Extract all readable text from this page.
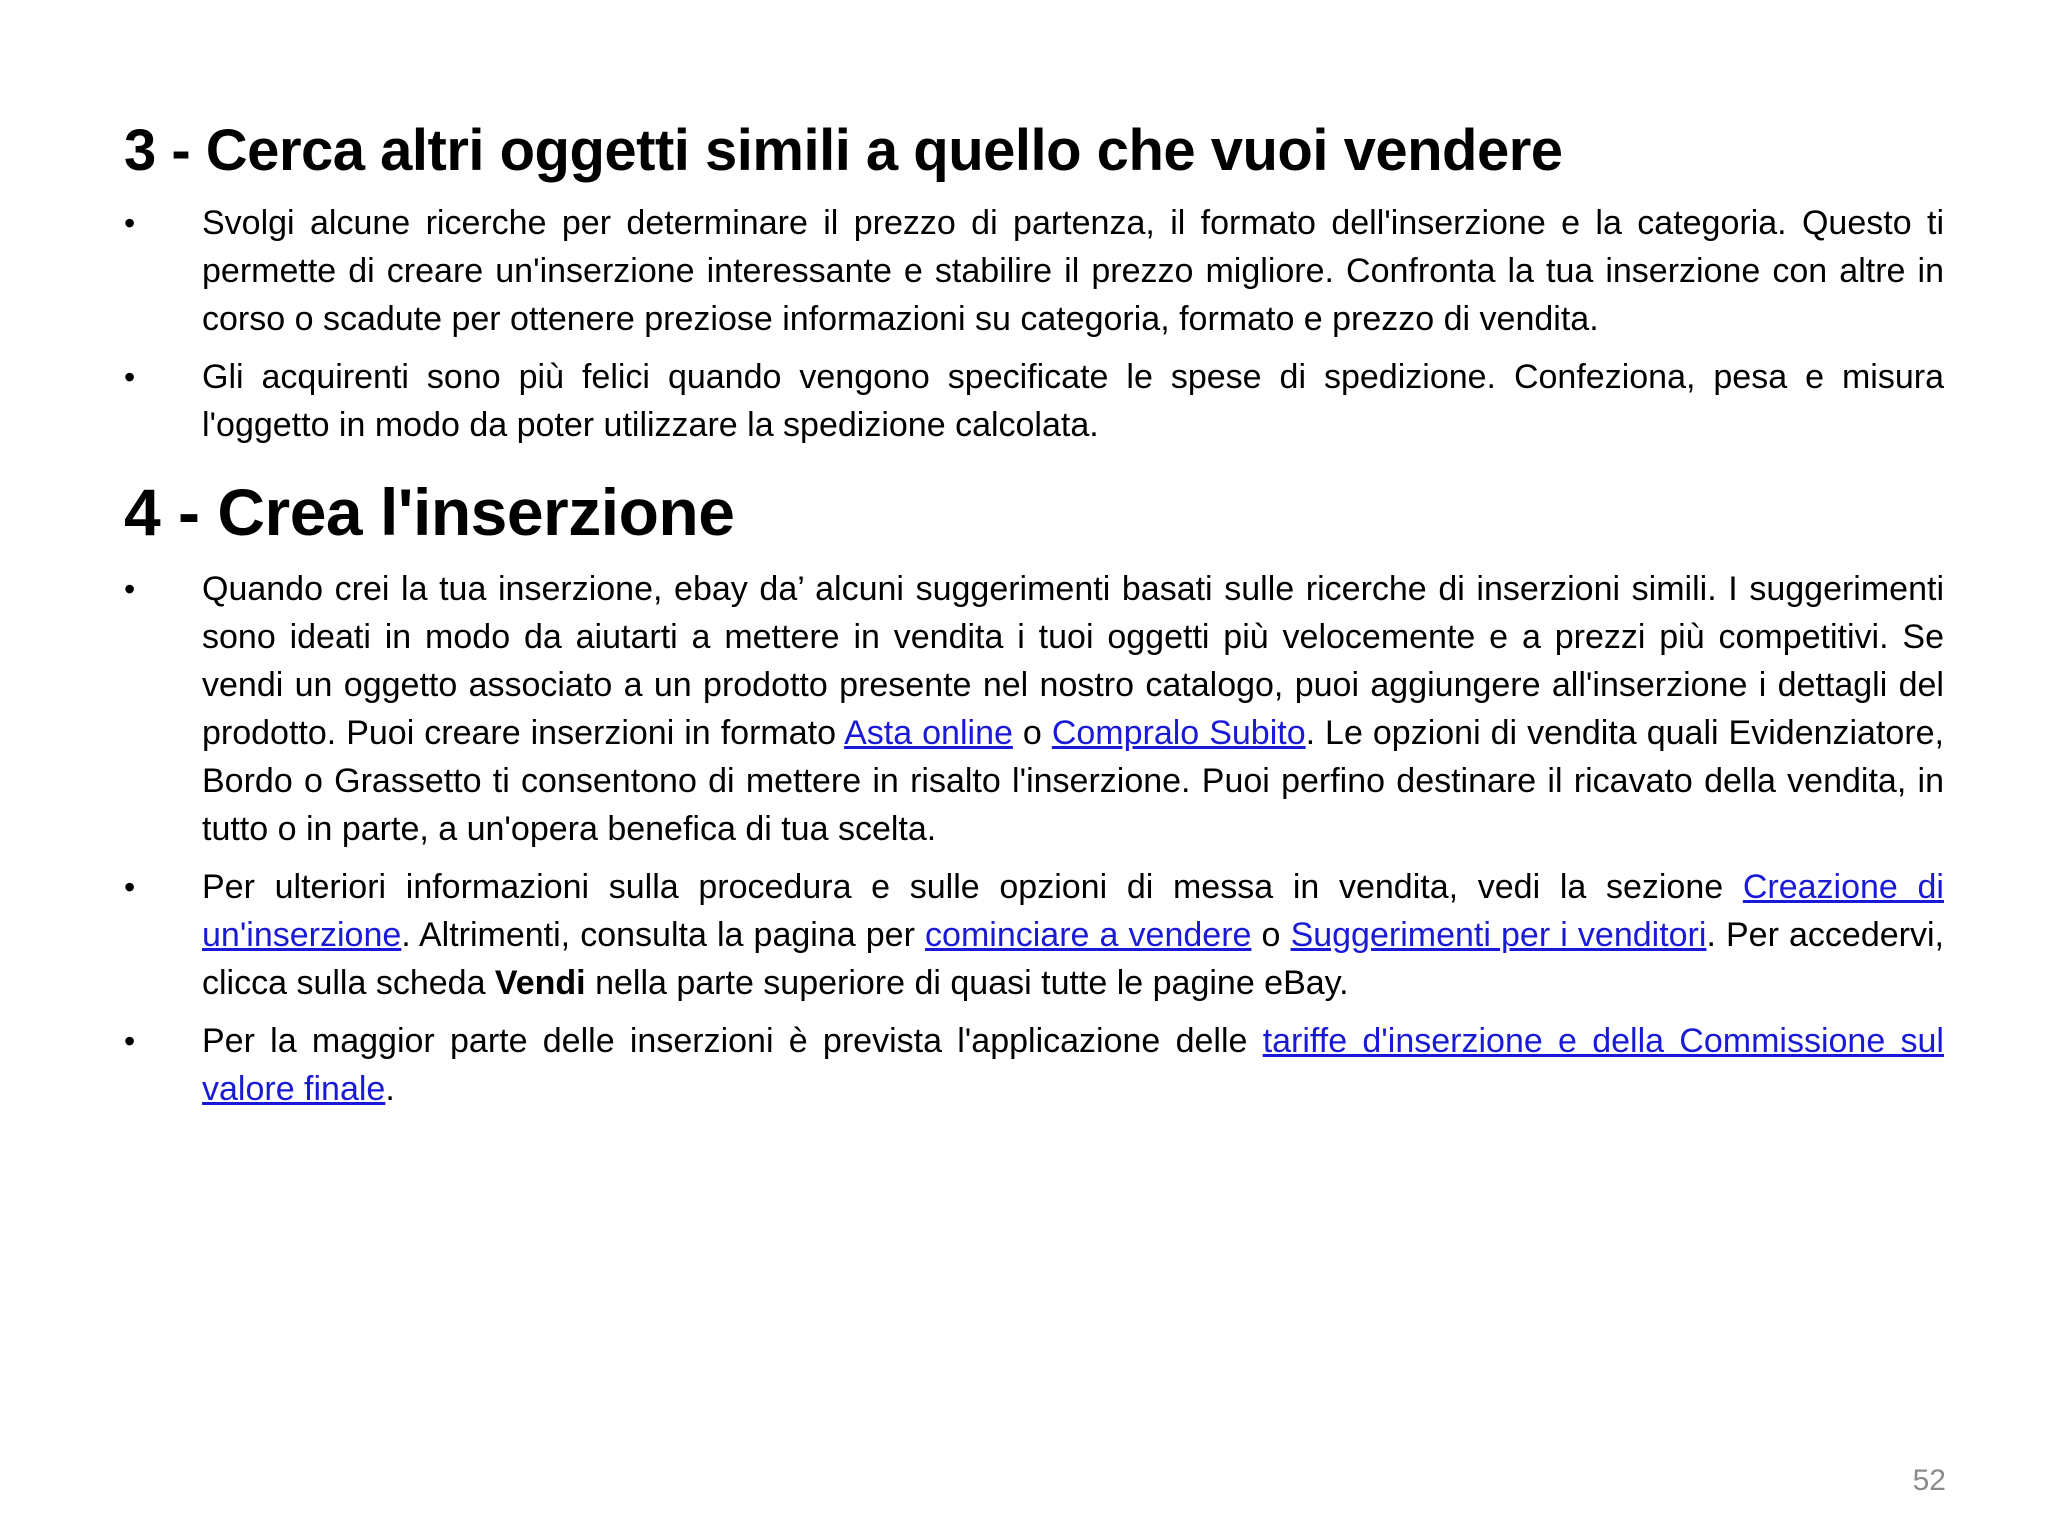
3 - Cerca altri oggetti simili a quello che vuoi vendere
•	Svolgi alcune ricerche per determinare il prezzo di partenza, il formato dell'inserzione e la categoria. Questo ti permette di creare un'inserzione interessante e stabilire il prezzo migliore. Confronta la tua inserzione con altre in corso o scadute per ottenere preziose informazioni su categoria, formato e prezzo di vendita.
•	Gli acquirenti sono più felici quando vengono specificate le spese di spedizione. Confeziona, pesa e misura l'oggetto in modo da poter utilizzare la spedizione calcolata.
4 - Crea l'inserzione
•	Quando crei la tua inserzione, ebay da’ alcuni suggerimenti basati sulle ricerche di inserzioni simili. I suggerimenti sono ideati in modo da aiutarti a mettere in vendita i tuoi oggetti più velocemente e a prezzi più competitivi. Se vendi un oggetto associato a un prodotto presente nel nostro catalogo, puoi aggiungere all'inserzione i dettagli del prodotto. Puoi creare inserzioni in formato Asta online o Compralo Subito. Le opzioni di vendita quali Evidenziatore, Bordo o Grassetto ti consentono di mettere in risalto l'inserzione. Puoi perfino destinare il ricavato della vendita, in tutto o in parte, a un'opera benefica di tua scelta.
•	Per ulteriori informazioni sulla procedura e sulle opzioni di messa in vendita, vedi la sezione Creazione di un'inserzione. Altrimenti, consulta la pagina per cominciare a vendere o Suggerimenti per i venditori. Per accedervi, clicca sulla scheda Vendi nella parte superiore di quasi tutte le pagine eBay.
•	Per la maggior parte delle inserzioni è prevista l'applicazione delle tariffe d'inserzione e della Commissione sul valore finale.
52
